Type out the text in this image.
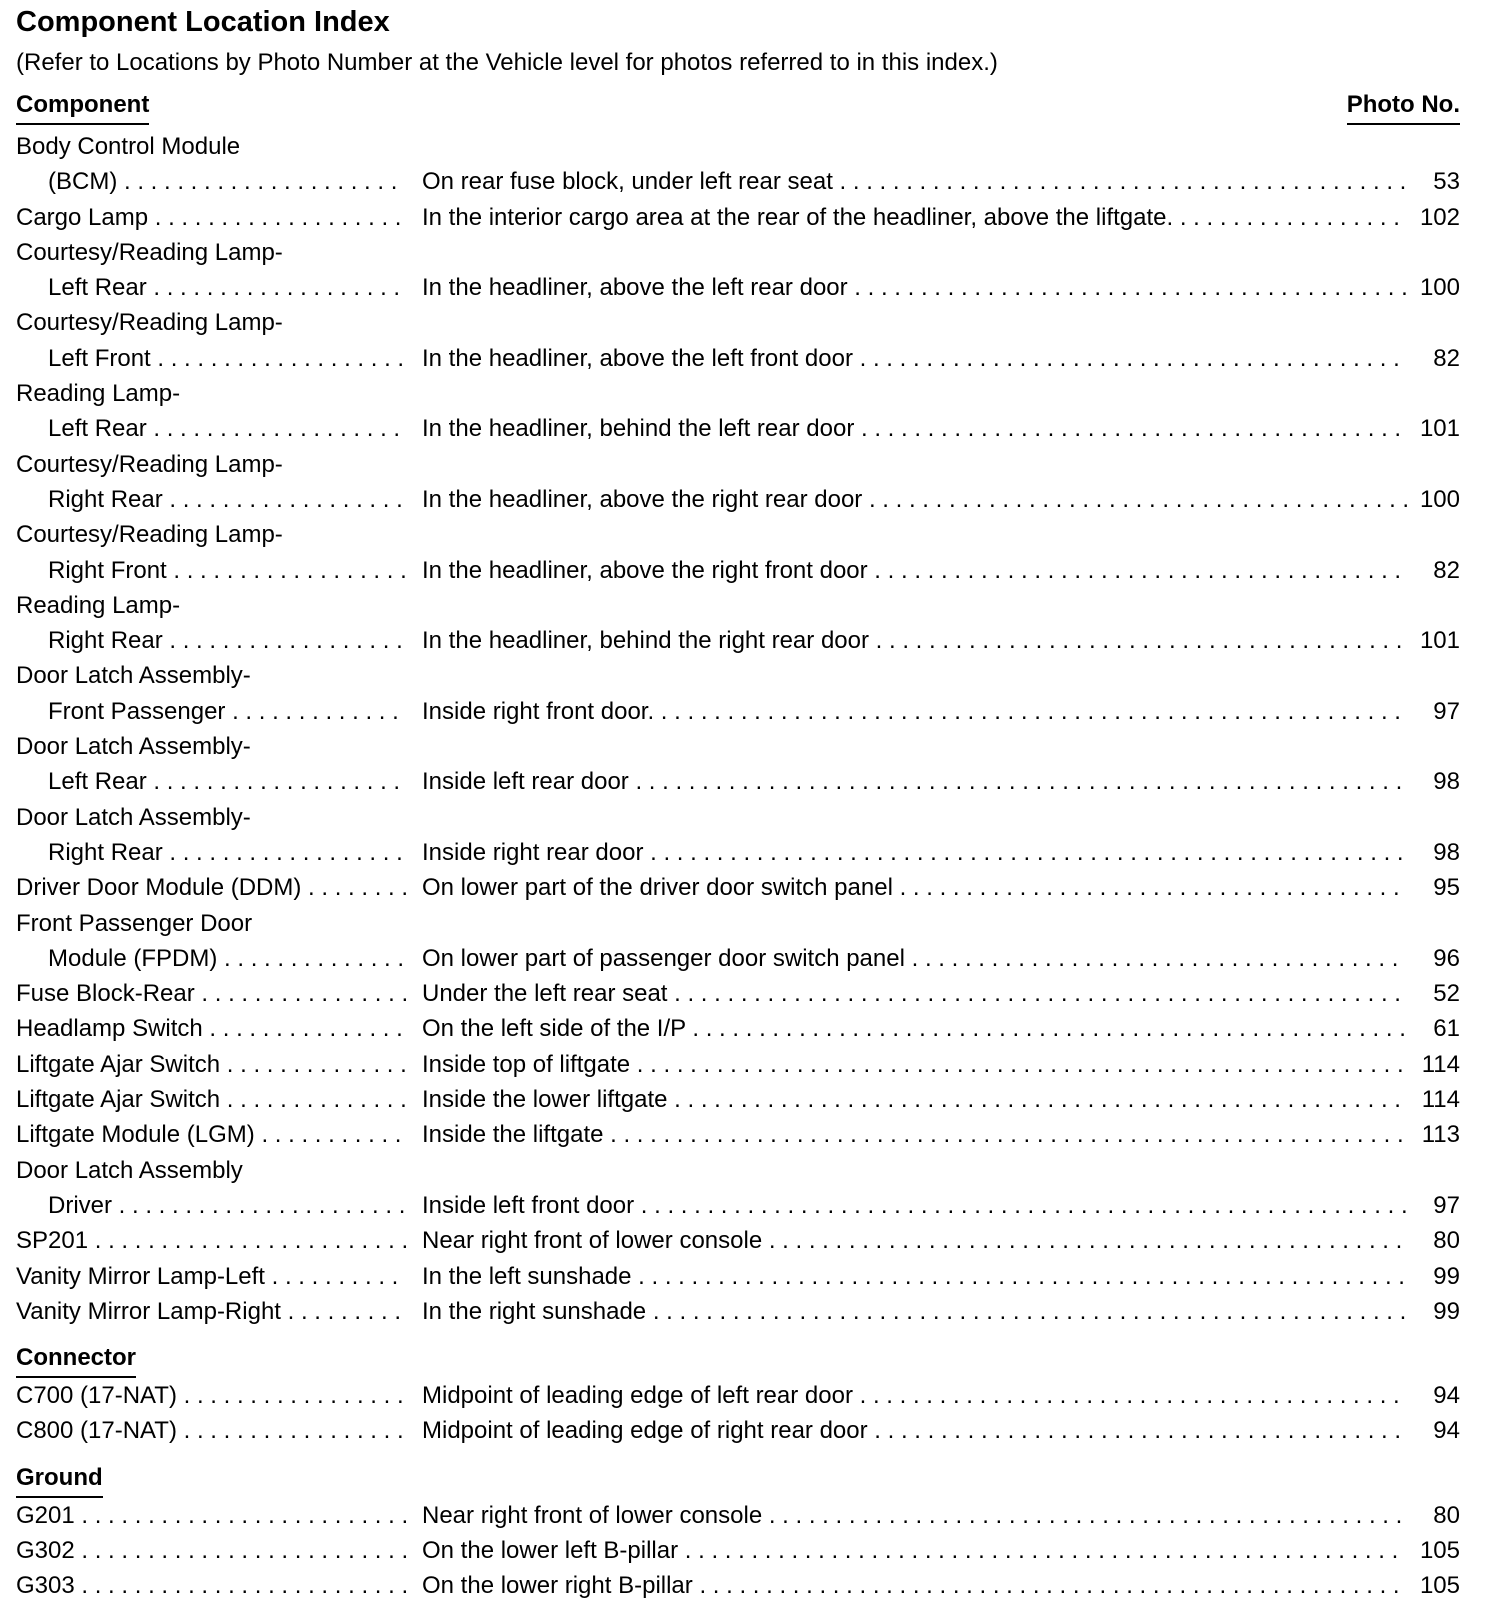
Component Location Index
(Refer to Locations by Photo Number at the Vehicle level for photos referred to in this index.)
Component	Photo No.
Body Control Module
(BCM) . . .	On rear fuse block, under left rear seat . . .	53
Cargo Lamp . . .	In the interior cargo area at the rear of the headliner, above the liftgate. . . .	102
Courtesy/Reading Lamp-
Left Rear . . .	In the headliner, above the left rear door . . .	100
Courtesy/Reading Lamp-
Left Front . . .	In the headliner, above the left front door . . .	82
Reading Lamp-
Left Rear . . .	In the headliner, behind the left rear door . . .	101
Courtesy/Reading Lamp-
Right Rear . . .	In the headliner, above the right rear door . . .	100
Courtesy/Reading Lamp-
Right Front . . .	In the headliner, above the right front door . . .	82
Reading Lamp-
Right Rear . . .	In the headliner, behind the right rear door . . .	101
Door Latch Assembly-
Front Passenger . . .	Inside right front door. . . .	97
Door Latch Assembly-
Left Rear . . .	Inside left rear door . . .	98
Door Latch Assembly-
Right Rear . . .	Inside right rear door . . .	98
Driver Door Module (DDM) . . .	On lower part of the driver door switch panel . . .	95
Front Passenger Door
Module (FPDM) . . .	On lower part of passenger door switch panel . . .	96
Fuse Block-Rear . . .	Under the left rear seat . . .	52
Headlamp Switch . . .	On the left side of the I/P . . .	61
Liftgate Ajar Switch . . .	Inside top of liftgate . . .	114
Liftgate Ajar Switch . . .	Inside the lower liftgate . . .	114
Liftgate Module (LGM) . . .	Inside the liftgate . . .	113
Door Latch Assembly
Driver . . .	Inside left front door . . .	97
SP201 . . .	Near right front of lower console . . .	80
Vanity Mirror Lamp-Left . . .	In the left sunshade . . .	99
Vanity Mirror Lamp-Right . . .	In the right sunshade . . .	99
Connector
C700 (17-NAT) . . .	Midpoint of leading edge of left rear door . . .	94
C800 (17-NAT) . . .	Midpoint of leading edge of right rear door . . .	94
Ground
G201 . . .	Near right front of lower console . . .	80
G302 . . .	On the lower left B-pillar . . .	105
G303 . . .	On the lower right B-pillar . . .	105
